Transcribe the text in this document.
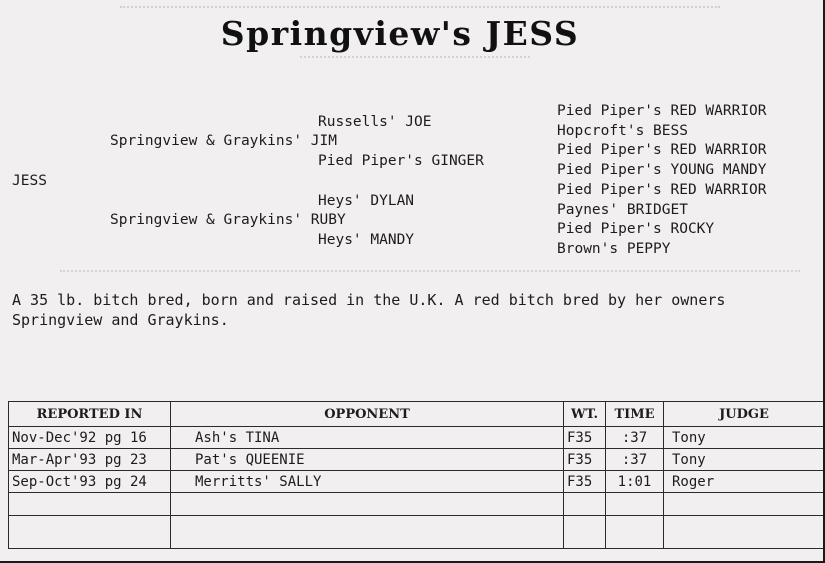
Springview's JESS
JESS
Springview & Graykins' JIM
Springview & Graykins' RUBY
Russells' JOE
Pied Piper's GINGER
Heys' DYLAN
Heys' MANDY
Pied Piper's RED WARRIOR
Hopcroft's BESS
Pied Piper's RED WARRIOR
Pied Piper's YOUNG MANDY
Pied Piper's RED WARRIOR
Paynes' BRIDGET
Pied Piper's ROCKY
Brown's PEPPY
A 35 lb. bitch bred, born and raised in the U.K. A red bitch bred by her owners Springview and Graykins.
REPORTED IN	OPPONENT	WT.	TIME	JUDGE
Nov-Dec'92 pg 16	Ash's TINA	F35	:37	Tony
Mar-Apr'93 pg 23	Pat's QUEENIE	F35	:37	Tony
Sep-Oct'93 pg 24	Merritts' SALLY	F35	1:01	Roger
